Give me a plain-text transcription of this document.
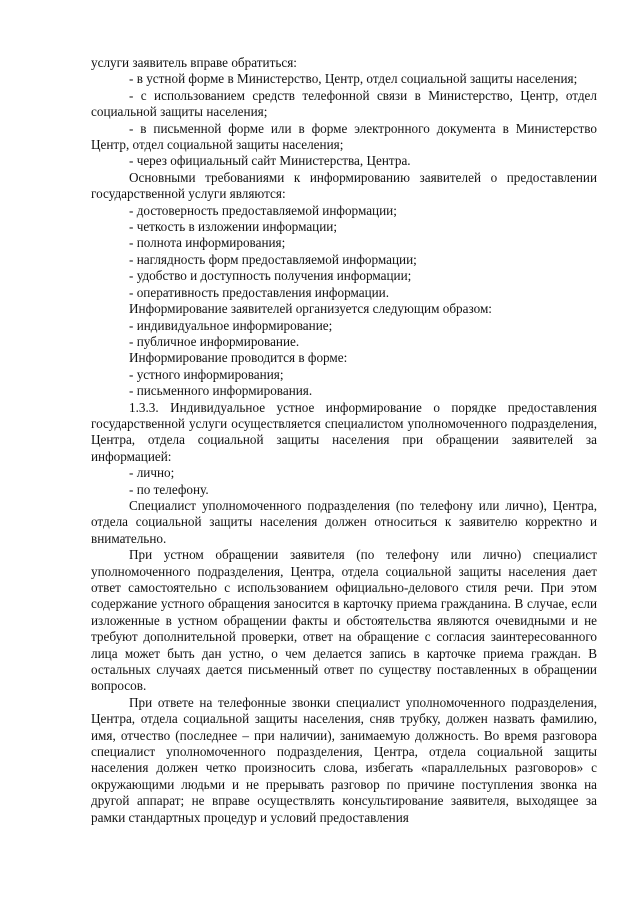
услуги заявитель вправе обратиться:

- в устной форме в Министерство, Центр, отдел социальной защиты населения;

- с использованием средств телефонной связи в Министерство, Центр, отдел социальной защиты населения;

- в письменной форме или в форме электронного документа в Министерство Центр, отдел социальной защиты населения;

- через официальный сайт Министерства, Центра.

Основными требованиями к информированию заявителей о предоставлении государственной услуги являются:

- достоверность предоставляемой информации;

- четкость в изложении информации;

- полнота информирования;

- наглядность форм предоставляемой информации;

- удобство и доступность получения информации;

- оперативность предоставления информации.

Информирование заявителей организуется следующим образом:

- индивидуальное информирование;

- публичное информирование.

Информирование проводится в форме:

- устного информирования;

- письменного информирования.

1.3.3. Индивидуальное устное информирование о порядке предоставления государственной услуги осуществляется специалистом уполномоченного подразделения, Центра, отдела социальной защиты населения при обращении заявителей за информацией:

- лично;

- по телефону.

Специалист уполномоченного подразделения (по телефону или лично), Центра, отдела социальной защиты населения должен относиться к заявителю корректно и внимательно.

При устном обращении заявителя (по телефону или лично) специалист уполномоченного подразделения, Центра, отдела социальной защиты населения дает ответ самостоятельно с использованием официально-делового стиля речи. При этом содержание устного обращения заносится в карточку приема гражданина. В случае, если изложенные в устном обращении факты и обстоятельства являются очевидными и не требуют дополнительной проверки, ответ на обращение с согласия заинтересованного лица может быть дан устно, о чем делается запись в карточке приема граждан. В остальных случаях дается письменный ответ по существу поставленных в обращении вопросов.

При ответе на телефонные звонки специалист уполномоченного подразделения, Центра, отдела социальной защиты населения, сняв трубку, должен назвать фамилию, имя, отчество (последнее – при наличии), занимаемую должность. Во время разговора специалист уполномоченного подразделения, Центра, отдела социальной защиты населения должен четко произносить слова, избегать «параллельных разговоров» с окружающими людьми и не прерывать разговор по причине поступления звонка на другой аппарат; не вправе осуществлять консультирование заявителя, выходящее за рамки стандартных процедур и условий предоставления
